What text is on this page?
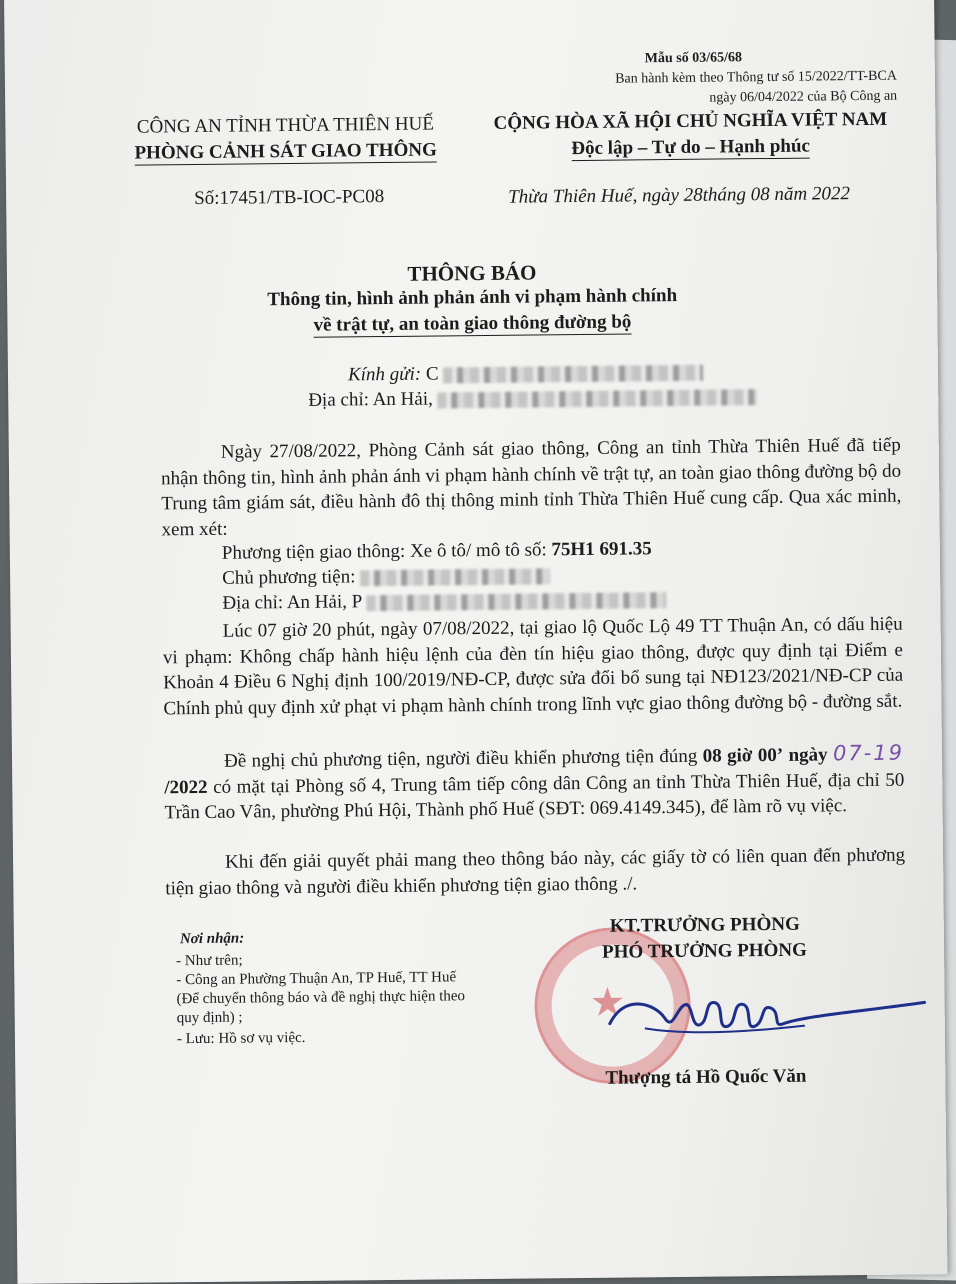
Mẫu số 03/65/68
Ban hành kèm theo Thông tư số 15/2022/TT-BCA
ngày 06/04/2022 của Bộ Công an
CÔNG AN TỈNH THỪA THIÊN HUẾ
PHÒNG CẢNH SÁT GIAO THÔNG
CỘNG HÒA XÃ HỘI CHỦ NGHĨA VIỆT NAM
Độc lập – Tự do – Hạnh phúc
Số:17451/TB-IOC-PC08	Thừa Thiên Huế, ngày 28tháng 08 năm 2022
THÔNG BÁO
Thông tin, hình ảnh phản ánh vi phạm hành chính
về trật tự, an toàn giao thông đường bộ
Kính gửi: C
Địa chỉ: An Hải,
Ngày 27/08/2022, Phòng Cảnh sát giao thông, Công an tỉnh Thừa Thiên Huế đã tiếp nhận thông tin, hình ảnh phản ánh vi phạm hành chính về trật tự, an toàn giao thông đường bộ do Trung tâm giám sát, điều hành đô thị thông minh tỉnh Thừa Thiên Huế cung cấp. Qua xác minh, xem xét:
Phương tiện giao thông: Xe ô tô/ mô tô số: 75H1 691.35
Chủ phương tiện:
Địa chỉ: An Hải, P
Lúc 07 giờ 20 phút, ngày 07/08/2022, tại giao lộ Quốc Lộ 49 TT Thuận An, có dấu hiệu vi phạm: Không chấp hành hiệu lệnh của đèn tín hiệu giao thông, được quy định tại Điểm e Khoản 4 Điều 6 Nghị định 100/2019/NĐ-CP, được sửa đổi bổ sung tại NĐ123/2021/NĐ-CP của Chính phủ quy định xử phạt vi phạm hành chính trong lĩnh vực giao thông đường bộ - đường sắt.
Đề nghị chủ phương tiện, người điều khiển phương tiện đúng 08 giờ 00’ ngày 07-19 /2022 có mặt tại Phòng số 4, Trung tâm tiếp công dân Công an tỉnh Thừa Thiên Huế, địa chỉ 50 Trần Cao Vân, phường Phú Hội, Thành phố Huế (SĐT: 069.4149.345), để làm rõ vụ việc.
Khi đến giải quyết phải mang theo thông báo này, các giấy tờ có liên quan đến phương tiện giao thông và người điều khiển phương tiện giao thông ./.
Nơi nhận:
- Như trên;
- Công an Phường Thuận An, TP Huế, TT Huế
(Để chuyển thông báo và đề nghị thực hiện theo
quy định) ;
- Lưu: Hồ sơ vụ việc.
★
KT.TRƯỞNG PHÒNG
PHÓ TRƯỞNG PHÒNG
Thượng tá Hồ Quốc Văn
